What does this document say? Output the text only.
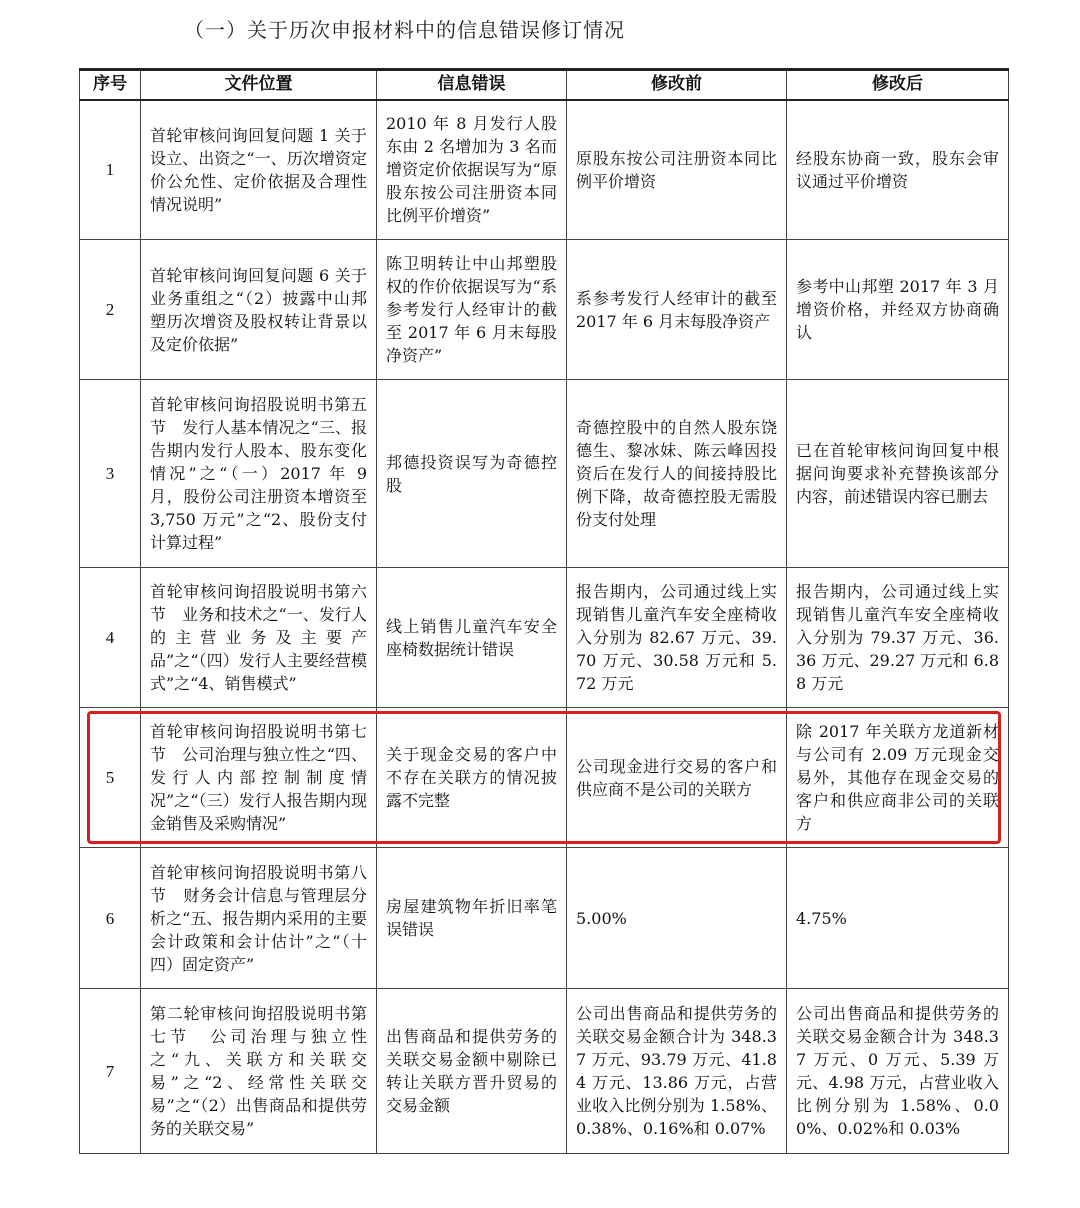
（一）关于历次申报材料中的信息错误修订情况
序号	文件位置	信息错误	修改前	修改后
1	首轮审核问询回复问题 1 关于设立、出资之“一、历次增资定价公允性、定价依据及合理性情况说明”	2010 年 8 月发行人股东由 2 名增加为 3 名而增资定价依据误写为“原股东按公司注册资本同比例平价增资”	原股东按公司注册资本同比例平价增资	经股东协商一致，股东会审议通过平价增资
2	首轮审核问询回复问题 6 关于业务重组之“（2）披露中山邦塑历次增资及股权转让背景以及定价依据”	陈卫明转让中山邦塑股权的作价依据误写为“系参考发行人经审计的截至 2017 年 6 月末每股净资产”	系参考发行人经审计的截至 2017 年 6 月末每股净资产	参考中山邦塑 2017 年 3 月增资价格，并经双方协商确认
3	首轮审核问询招股说明书第五节　发行人基本情况之“三、报告期内发行人股本、股东变化情况”之“（一）2017 年 9 月，股份公司注册资本增资至 3,750 万元”之“2、股份支付计算过程”	邦德投资误写为奇德控股	奇德控股中的自然人股东饶德生、黎冰妹、陈云峰因投资后在发行人的间接持股比例下降，故奇德控股无需股份支付处理	已在首轮审核问询回复中根据问询要求补充替换该部分内容，前述错误内容已删去
4	首轮审核问询招股说明书第六节　业务和技术之“一、发行人的主营业务及主要产品”之“（四）发行人主要经营模式”之“4、销售模式”	线上销售儿童汽车安全座椅数据统计错误	报告期内，公司通过线上实现销售儿童汽车安全座椅收入分别为 82.67 万元、39.70 万元、30.58 万元和 5.72 万元	报告期内，公司通过线上实现销售儿童汽车安全座椅收入分别为 79.37 万元、36.36 万元、29.27 万元和 6.88 万元
5	首轮审核问询招股说明书第七节　公司治理与独立性之“四、发行人内部控制制度情况”之“（三）发行人报告期内现金销售及采购情况”	关于现金交易的客户中不存在关联方的情况披露不完整	公司现金进行交易的客户和供应商不是公司的关联方	除 2017 年关联方龙道新材与公司有 2.09 万元现金交易外，其他存在现金交易的客户和供应商非公司的关联方
6	首轮审核问询招股说明书第八节　财务会计信息与管理层分析之“五、报告期内采用的主要会计政策和会计估计”之“（十四）固定资产”	房屋建筑物年折旧率笔误错误	5.00%	4.75%
7	第二轮审核问询招股说明书第七节　公司治理与独立性之“九、关联方和关联交易”之“2、经常性关联交易”之“（2）出售商品和提供劳务的关联交易”	出售商品和提供劳务的关联交易金额中剔除已转让关联方晋升贸易的交易金额	公司出售商品和提供劳务的关联交易金额合计为 348.37 万元、93.79 万元、41.84 万元、13.86 万元，占营业收入比例分别为 1.58%、0.38%、0.16%和 0.07%	公司出售商品和提供劳务的关联交易金额合计为 348.37 万元、0 万元、5.39 万元、4.98 万元，占营业收入比例分别为 1.58%、0.00%、0.02%和 0.03%
